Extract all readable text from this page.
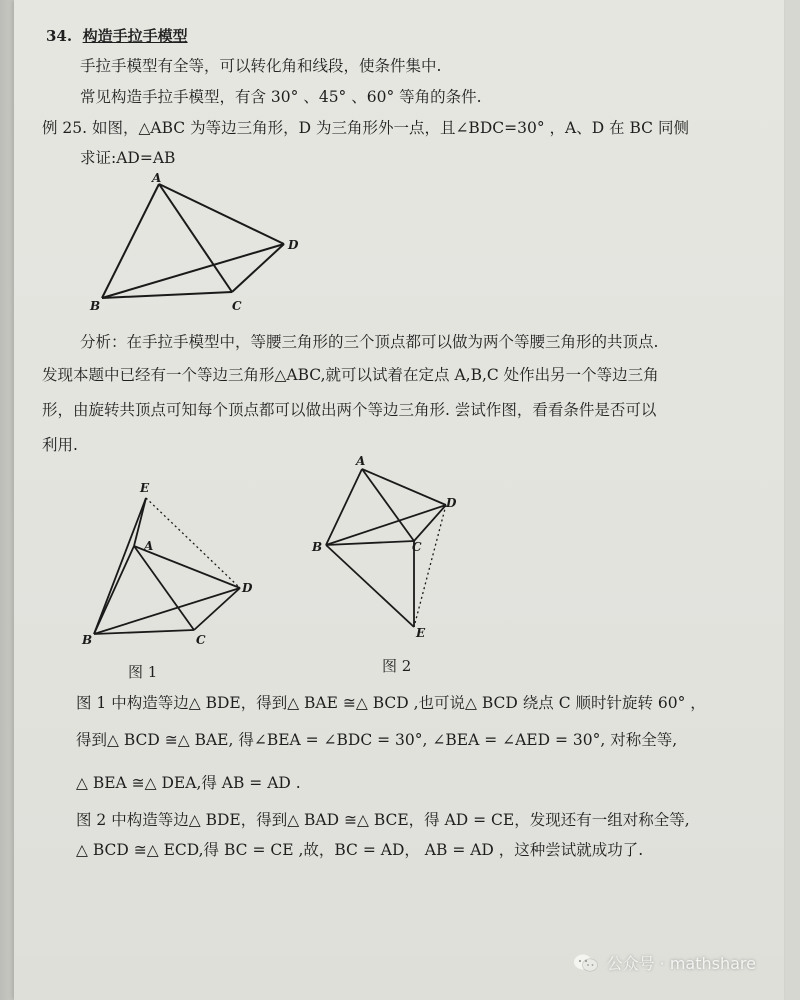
34. 构造手拉手模型
手拉手模型有全等，可以转化角和线段，使条件集中.
常见构造手拉手模型，有含 30° 、45° 、60° 等角的条件.
例 25. 如图，△ABC 为等边三角形，D 为三角形外一点，且∠BDC=30° ，A、D 在 BC 同侧
求证:AD=AB
A
B	C
D
分析：在手拉手模型中，等腰三角形的三个顶点都可以做为两个等腰三角形的共顶点.
发现本题中已经有一个等边三角形△ABC,就可以试着在定点 A,B,C 处作出另一个等边三角
形，由旋转共顶点可知每个顶点都可以做出两个等边三角形. 尝试作图，看看条件是否可以
利用.
E
A
B	C
D
图 1
A
B	C
D
E
图 2
图 1 中构造等边△ BDE，得到△ BAE ≅△ BCD ,也可说△ BCD 绕点 C 顺时针旋转 60° ，
得到△ BCD ≅△ BAE, 得∠BEA = ∠BDC = 30°, ∠BEA = ∠AED = 30°, 对称全等,
△ BEA ≅△ DEA,得 AB = AD .
图 2 中构造等边△ BDE，得到△ BAD ≅△ BCE，得 AD = CE，发现还有一组对称全等,
△ BCD ≅△ ECD,得 BC = CE ,故，BC = AD， AB = AD ，这种尝试就成功了.
公众号 · mathshare
